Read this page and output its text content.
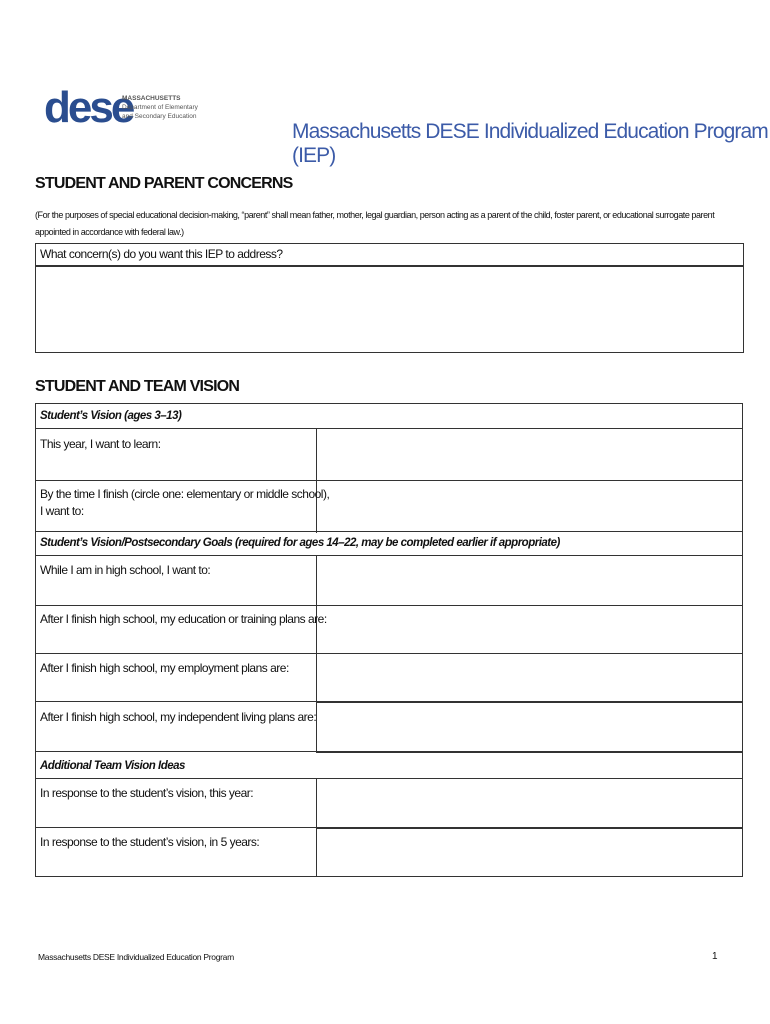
dese
MASSACHUSETTS
Department of Elementary
and Secondary Education
Massachusetts DESE Individualized Education Program (IEP)
STUDENT AND PARENT CONCERNS
(For the purposes of special educational decision-making, “parent” shall mean father, mother, legal guardian, person acting as a parent of the child, foster parent, or educational surrogate parent appointed in accordance with federal law.)
What concern(s) do you want this IEP to address?
STUDENT AND TEAM VISION
Student’s Vision (ages 3–13)
This year, I want to learn:
By the time I finish (circle one: elementary or middle school),
I want to:
Student’s Vision/Postsecondary Goals (required for ages 14–22, may be completed earlier if appropriate)
While I am in high school, I want to:
After I finish high school, my education or training plans are:
After I finish high school, my employment plans are:
After I finish high school, my independent living plans are:
Additional Team Vision Ideas
In response to the student’s vision, this year:
In response to the student’s vision, in 5 years:
Massachusetts DESE Individualized Education Program	1
